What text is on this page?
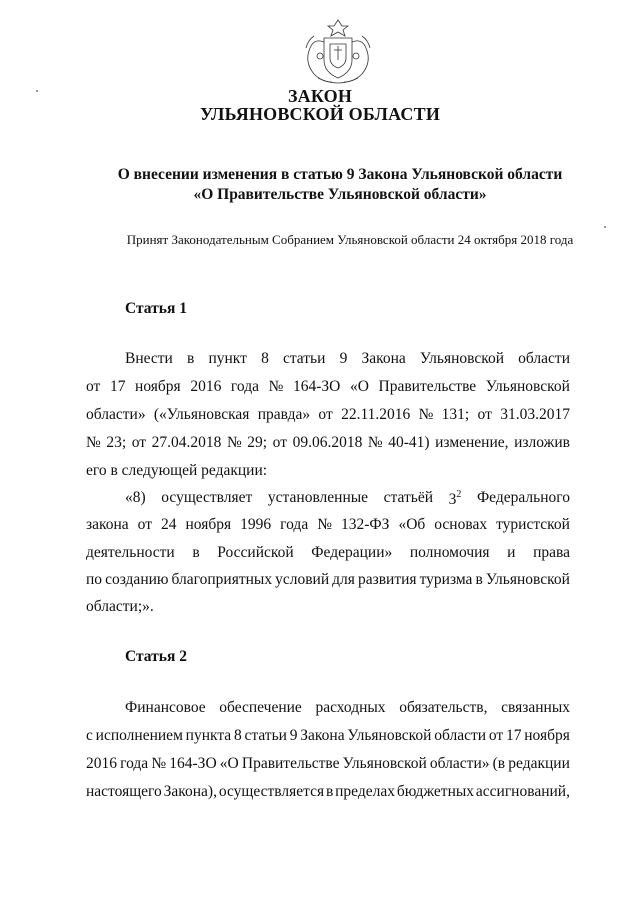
ЗАКОН
УЛЬЯНОВСКОЙ ОБЛАСТИ
О внесении изменения в статью 9 Закона Ульяновской области
«О Правительстве Ульяновской области»
Принят Законодательным Собранием Ульяновской области 24 октября 2018 года
Статья 1
Внести в пункт 8 статьи 9 Закона Ульяновской области
от 17 ноября 2016 года № 164-ЗО «О Правительстве Ульяновской
области» («Ульяновская правда» от 22.11.2016 № 131; от 31.03.2017
№ 23; от 27.04.2018 № 29; от 09.06.2018 № 40-41) изменение, изложив
его в следующей редакции:
«8) осуществляет установленные статьёй $3^2$ Федерального
закона от 24 ноября 1996 года № 132-ФЗ «Об основах туристской
деятельности в Российской Федерации» полномочия и права
по созданию благоприятных условий для развития туризма в Ульяновской
области;».
Статья 2
Финансовое обеспечение расходных обязательств, связанных
с исполнением пункта 8 статьи 9 Закона Ульяновской области от 17 ноября
2016 года № 164-ЗО «О Правительстве Ульяновской области» (в редакции
настоящего Закона), осуществляется в пределах бюджетных ассигнований,
